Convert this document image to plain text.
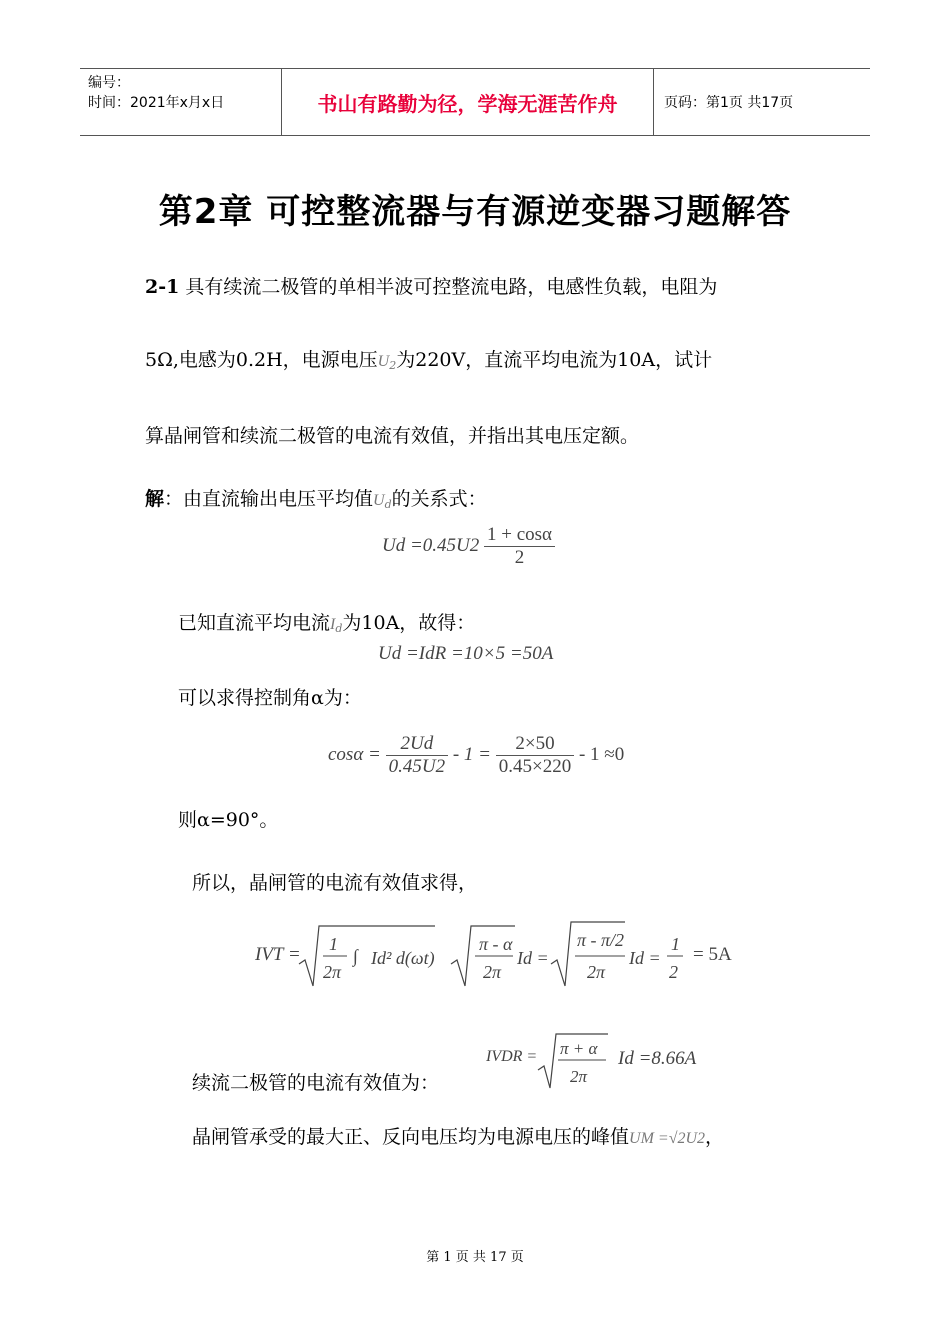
编号：
时间：2021年x月x日	书山有路勤为径，学海无涯苦作舟	页码：第1页 共17页
第2章 可控整流器与有源逆变器习题解答
2-1 具有续流二极管的单相半波可控整流电路，电感性负载，电阻为
5Ω,电感为0.2H，电源电压$U_2$为220V，直流平均电流为10A，试计
算晶闸管和续流二极管的电流有效值，并指出其电压定额。
解：由直流输出电压平均值$U_d$的关系式：
$Ud =0.45U2 \frac{1 + \cos\alpha}{2}$
已知直流平均电流$I_d$为10A，故得：
Ud =IdR =10×5 =50A
可以求得控制角α为：
$\cos\alpha = \frac{2Ud}{0.45U2} - 1 = \frac{2\times 50}{0.45\times 220} - 1 \approx 0$
则α=90°。
所以，晶闸管的电流有效值求得，
IVT = 1
2π
∫ Id² d(ωt)
π - α
2π
Id =
π - π/2
2π
Id =
1
2
= 5A
IVDR = π + α
2π
Id =8.66A
续流二极管的电流有效值为：
晶闸管承受的最大正、反向电压均为电源电压的峰值UM =√2U2，
第 1 页 共 17 页
